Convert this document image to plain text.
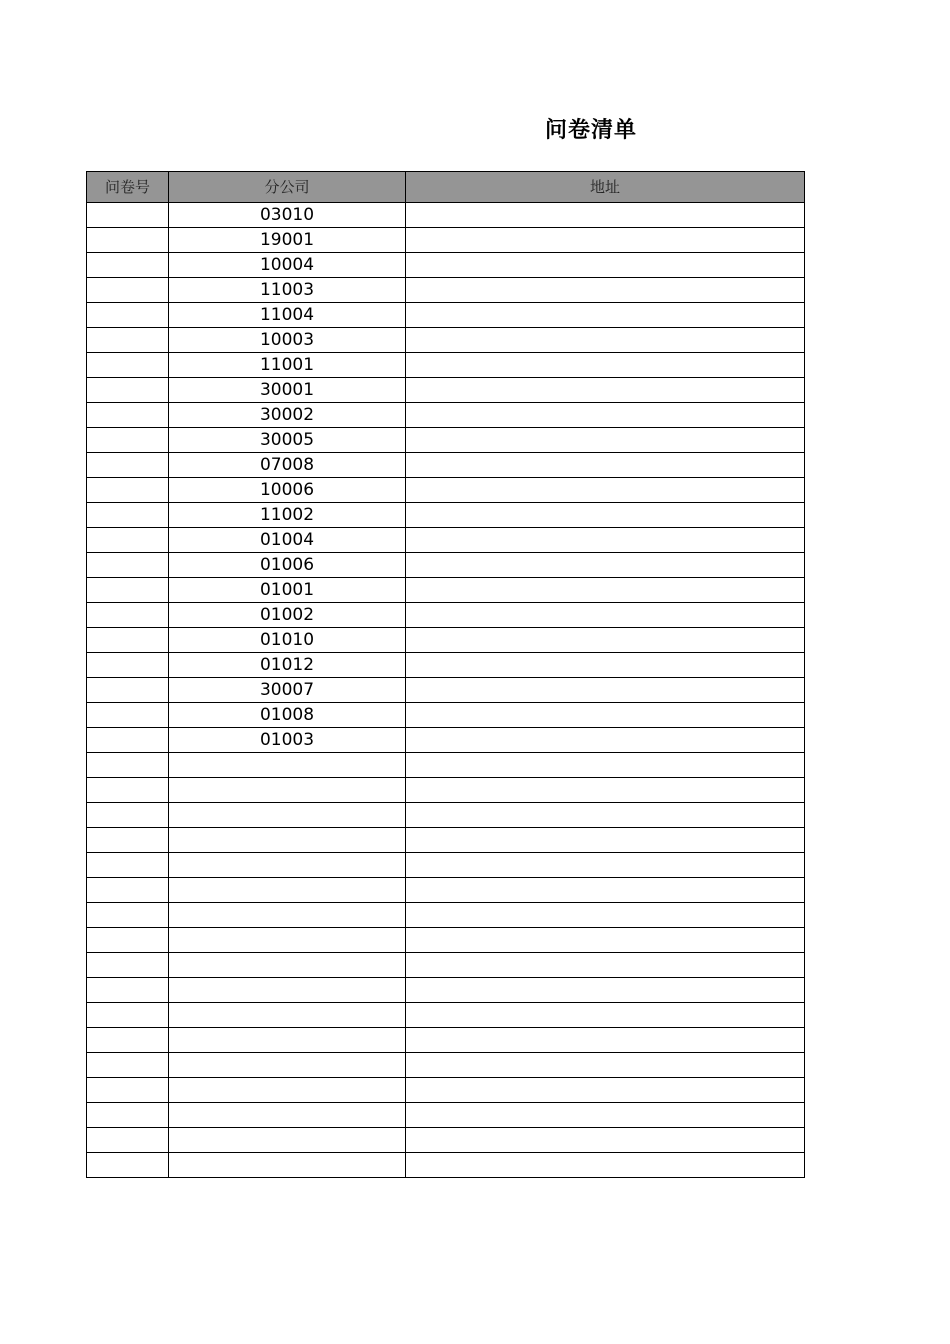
问卷清单
问卷号	分公司	地址
	03010	
	19001	
	10004	
	11003	
	11004	
	10003	
	11001	
	30001	
	30002	
	30005	
	07008	
	10006	
	11002	
	01004	
	01006	
	01001	
	01002	
	01010	
	01012	
	30007	
	01008	
	01003	
